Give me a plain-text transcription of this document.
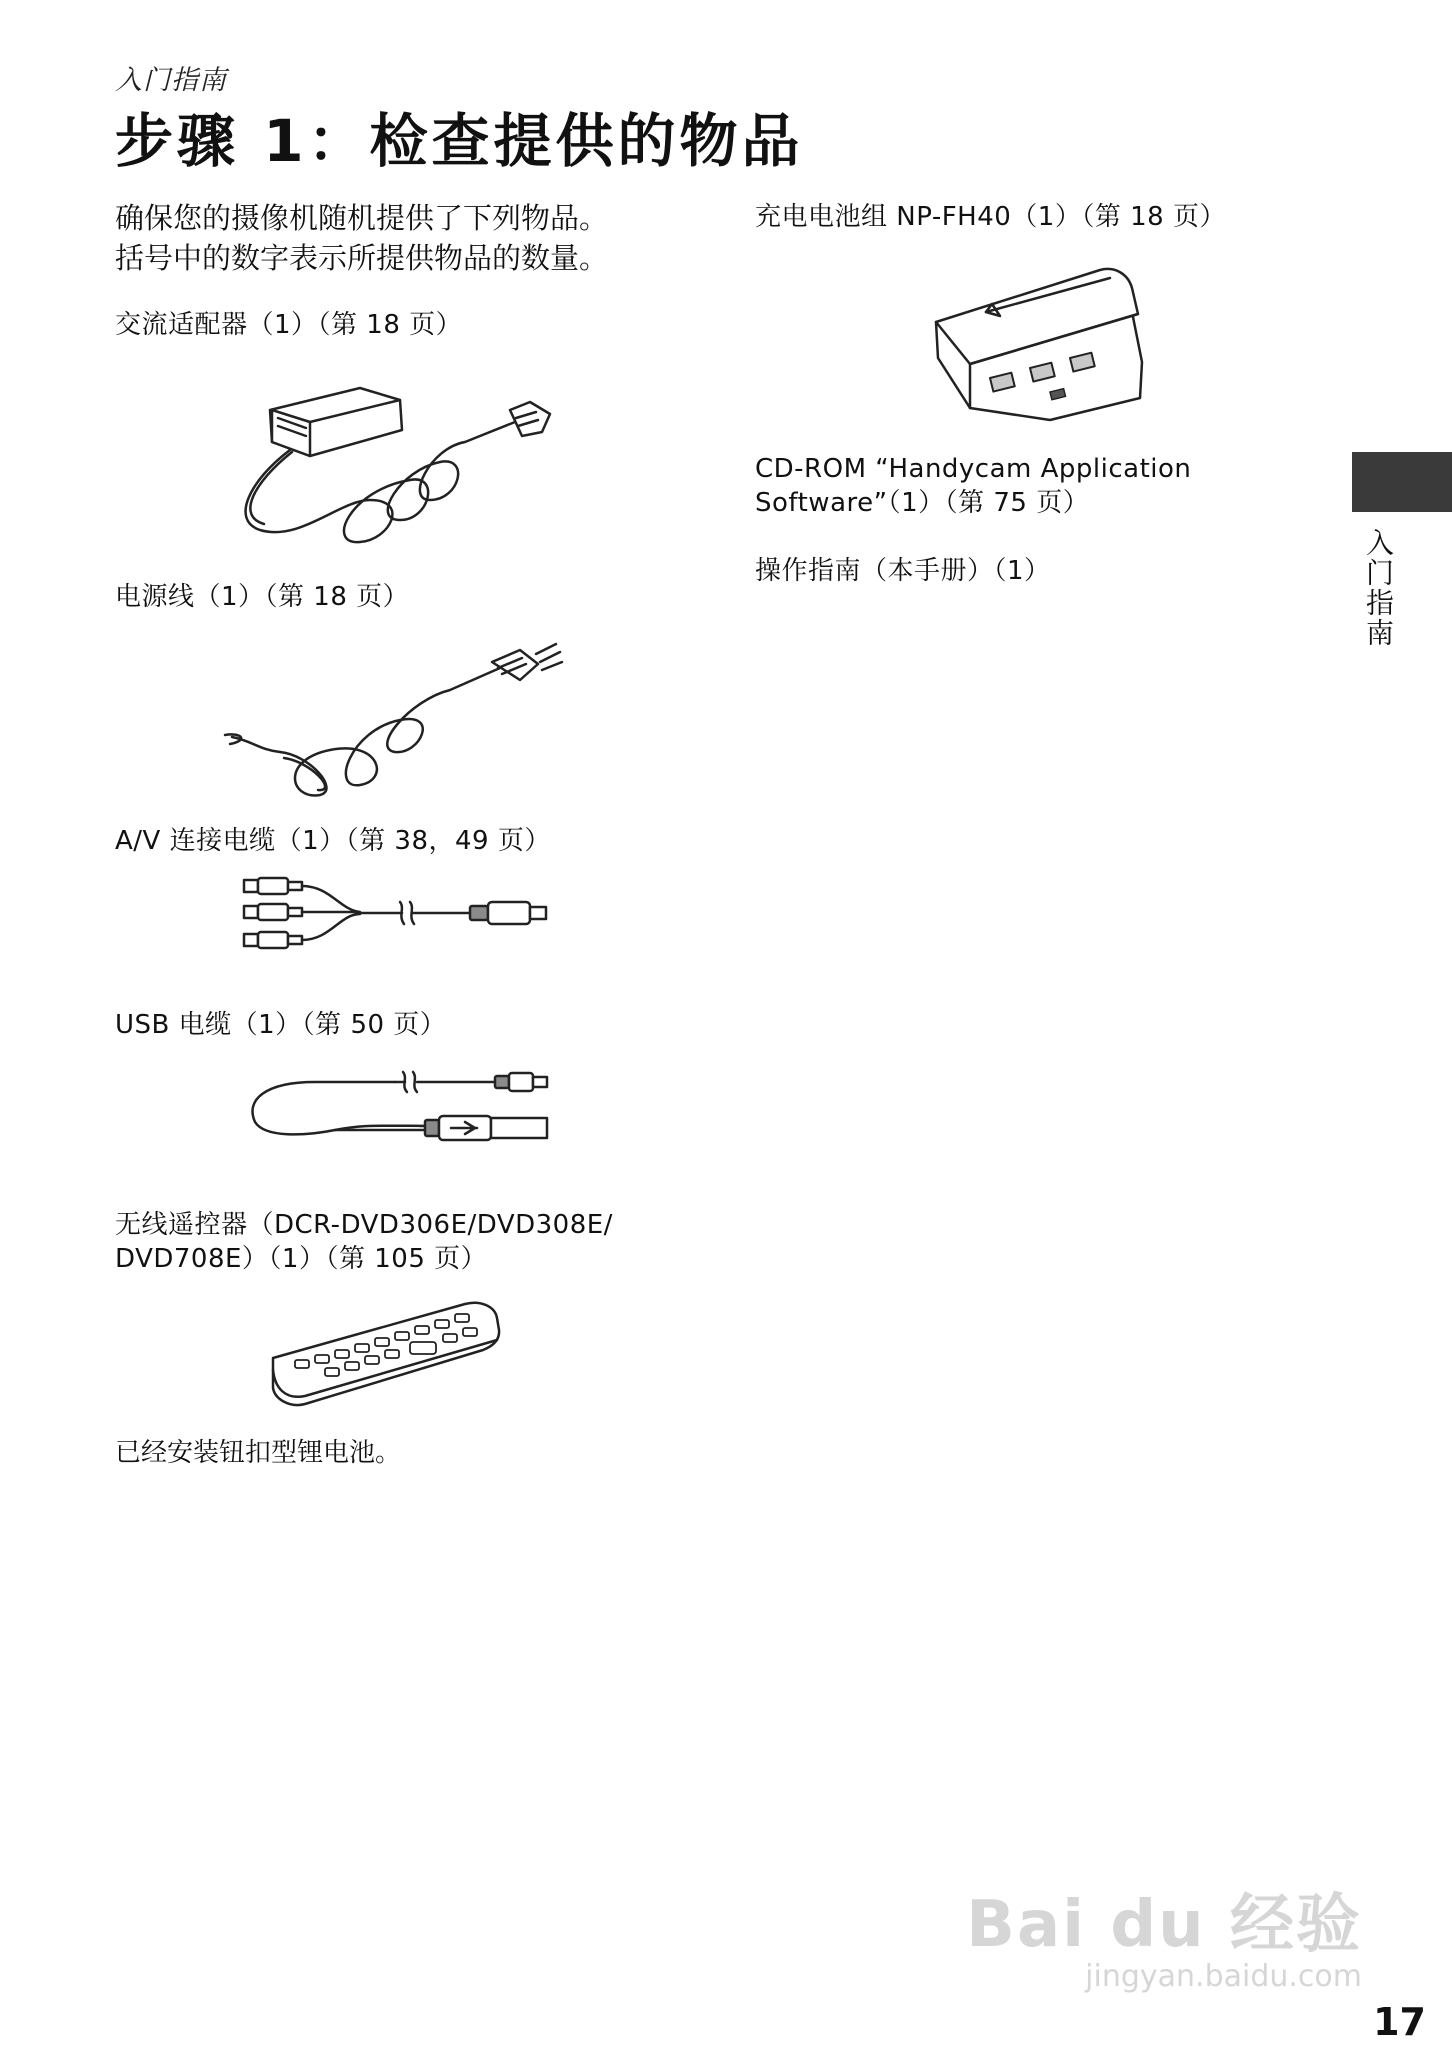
入门指南
步骤 1：检查提供的物品
确保您的摄像机随机提供了下列物品。
括号中的数字表示所提供物品的数量。
交流适配器（1）（第 18 页）
电源线（1）（第 18 页）
A/V 连接电缆（1）（第 38，49 页）
USB 电缆（1）（第 50 页）
无线遥控器（DCR-DVD306E/DVD308E/
DVD708E）（1）（第 105 页）
已经安装钮扣型锂电池。
充电电池组 NP-FH40（1）（第 18 页）
CD-ROM “Handycam Application
Software”（1）（第 75 页）
操作指南（本手册）（1）	入门指南
Bai du 经验
jingyan.baidu.com
17
